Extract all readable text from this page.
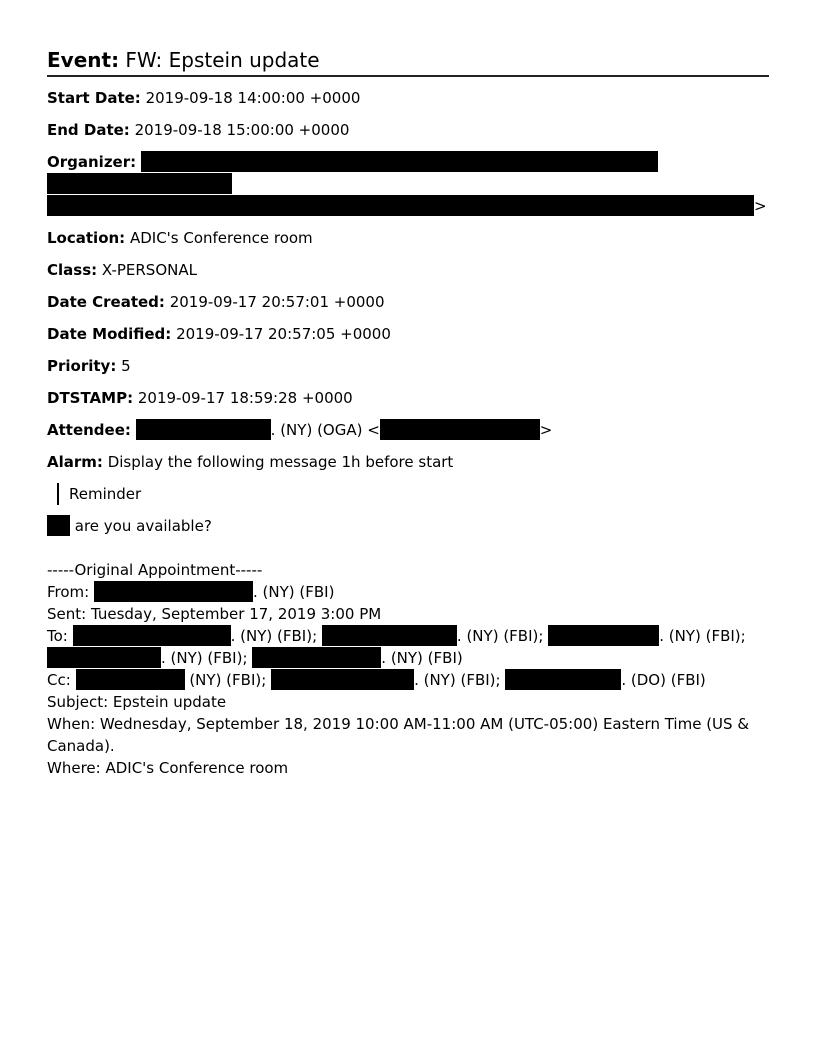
Event: FW: Epstein update
Start Date: 2019-09-18 14:00:00 +0000
End Date: 2019-09-18 15:00:00 +0000
Organizer:
>
Location: ADIC's Conference room
Class: X-PERSONAL
Date Created: 2019-09-17 20:57:01 +0000
Date Modified: 2019-09-17 20:57:05 +0000
Priority: 5
DTSTAMP: 2019-09-17 18:59:28 +0000
Attendee:	. (NY) (OGA) <	>
Alarm: Display the following message 1h before start
Reminder
are you available?
-----Original Appointment-----
From:	. (NY) (FBI)
Sent: Tuesday, September 17, 2019 3:00 PM
To:	. (NY) (FBI);	. (NY) (FBI);	. (NY) (FBI);
. (NY) (FBI);	. (NY) (FBI)
Cc:	(NY) (FBI);	. (NY) (FBI);	. (DO) (FBI)
Subject: Epstein update
When: Wednesday, September 18, 2019 10:00 AM-11:00 AM (UTC-05:00) Eastern Time (US & Canada).
Where: ADIC's Conference room
